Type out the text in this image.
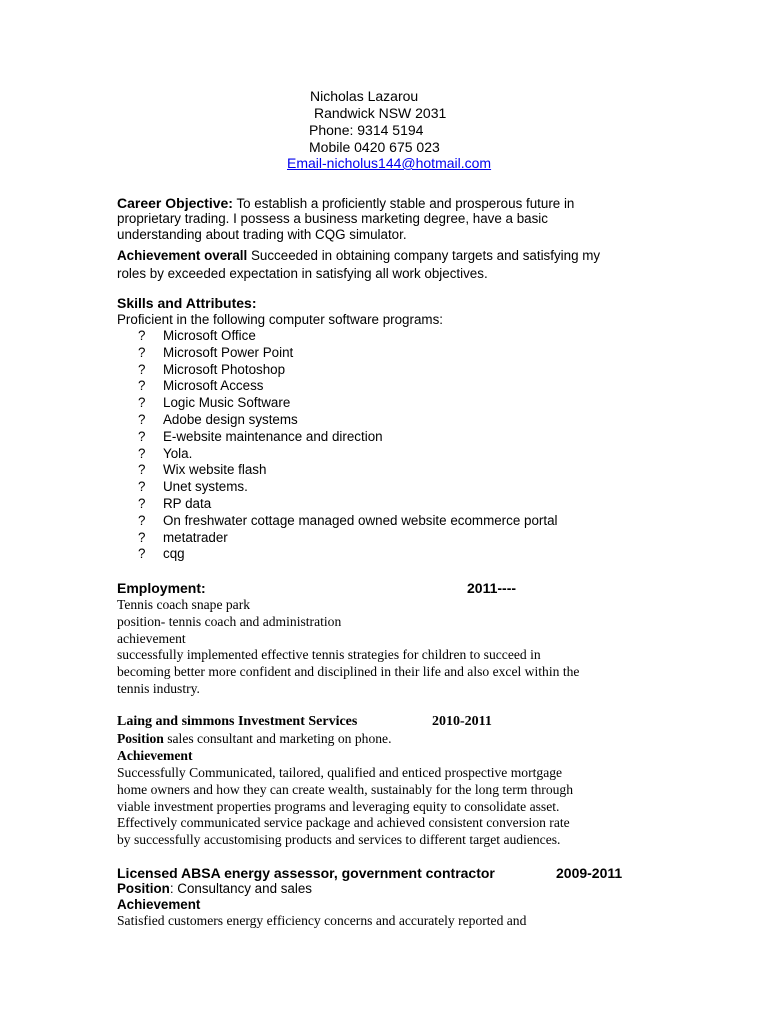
Nicholas Lazarou
Randwick NSW 2031
Phone: 9314 5194
Mobile 0420 675 023
Email-nicholus144@hotmail.com
Career Objective: To establish a proficiently stable and prosperous future in
proprietary trading. I possess a business marketing degree, have a basic
understanding about trading with CQG simulator.
Achievement overall Succeeded in obtaining company targets and satisfying my
roles by exceeded expectation in satisfying all work objectives.
Skills and Attributes:
Proficient in the following computer software programs:
? Microsoft Office
? Microsoft Power Point
? Microsoft Photoshop
? Microsoft Access
? Logic Music Software
? Adobe design systems
? E-website maintenance and direction
? Yola.
? Wix website flash
? Unet systems.
? RP data
? On freshwater cottage managed owned website ecommerce portal
? metatrader
? cqg
Employment:	2011----
Tennis coach snape park
position- tennis coach and administration
achievement
successfully implemented effective tennis strategies for children to succeed in
becoming better more confident and disciplined in their life and also excel within the
tennis industry.
Laing and simmons Investment Services	2010-2011
Position sales consultant and marketing on phone.
Achievement
Successfully Communicated, tailored, qualified and enticed prospective mortgage
home owners and how they can create wealth, sustainably for the long term through
viable investment properties programs and leveraging equity to consolidate asset.
Effectively communicated service package and achieved consistent conversion rate
by successfully accustomising products and services to different target audiences.
Licensed ABSA energy assessor, government contractor	2009-2011
Position: Consultancy and sales
Achievement
Satisfied customers energy efficiency concerns and accurately reported and
